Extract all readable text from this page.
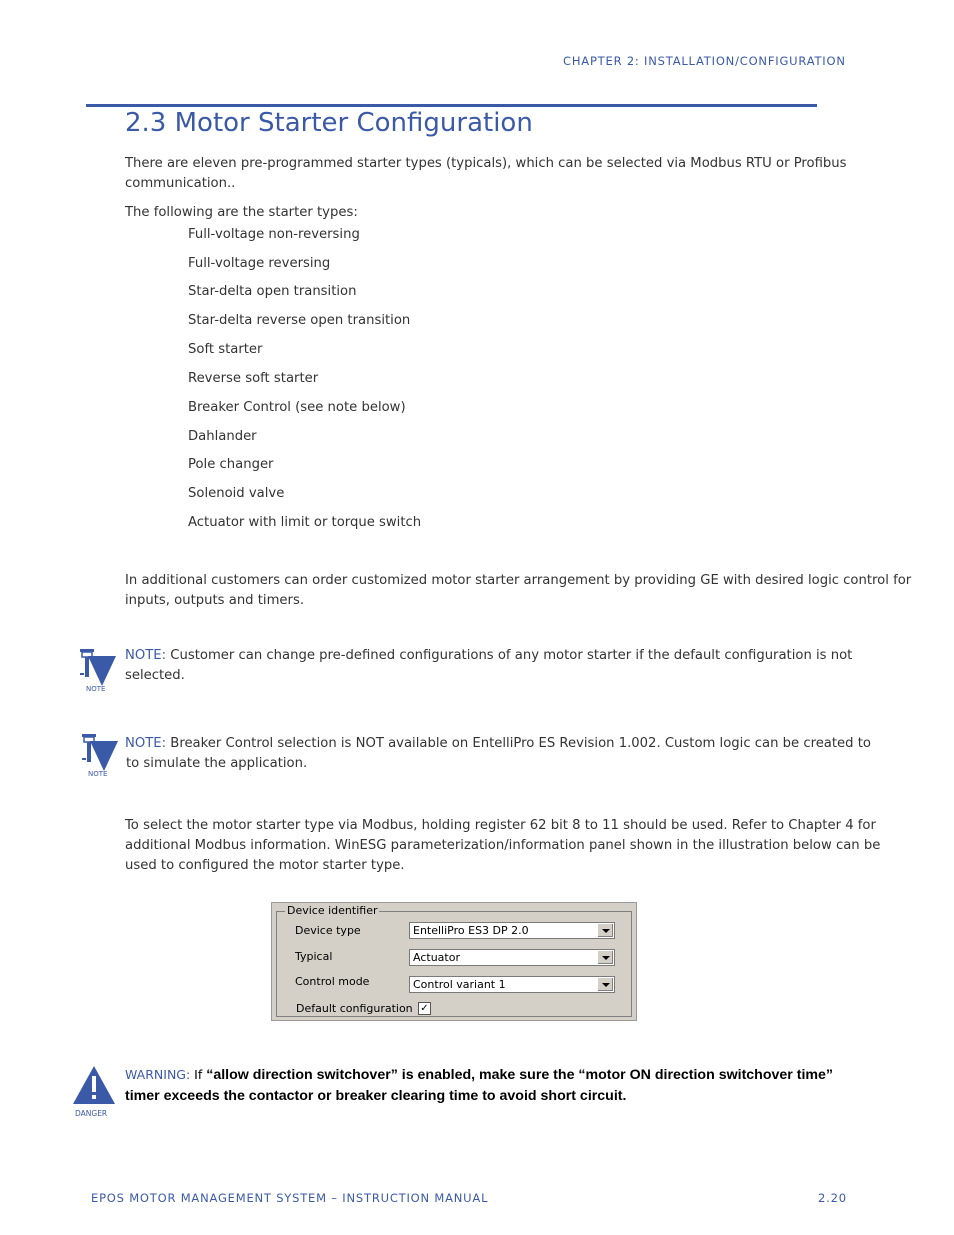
CHAPTER 2: INSTALLATION/CONFIGURATION
2.3 Motor Starter Configuration
There are eleven pre-programmed starter types (typicals), which can be selected via Modbus RTU or Profibus
communication..
The following are the starter types:
Full-voltage non-reversing
Full-voltage reversing
Star-delta open transition
Star-delta reverse open transition
Soft starter
Reverse soft starter
Breaker Control (see note below)
Dahlander
Pole changer
Solenoid valve
Actuator with limit or torque switch
In additional customers can order customized motor starter arrangement by providing GE with desired logic control for
inputs, outputs and timers.
NOTE
NOTE: Customer can change pre-defined configurations of any motor starter if the default configuration is not
selected.
NOTE
NOTE: Breaker Control selection is NOT available on EntelliPro ES Revision 1.002. Custom logic can be created to
to simulate the application.
To select the motor starter type via Modbus, holding register 62 bit 8 to 11 should be used. Refer to Chapter 4 for
additional Modbus information. WinESG parameterization/information panel shown in the illustration below can be
used to configured the motor starter type.
Device identifier
Device type	EntelliPro ES3 DP 2.0
Typical	Actuator
Control mode	Control variant 1
Default configuration ✓
DANGER
WARNING: If “allow direction switchover” is enabled, make sure the “motor ON direction switchover time”
timer exceeds the contactor or breaker clearing time to avoid short circuit.
EPOS MOTOR MANAGEMENT SYSTEM – INSTRUCTION MANUAL	2.20
